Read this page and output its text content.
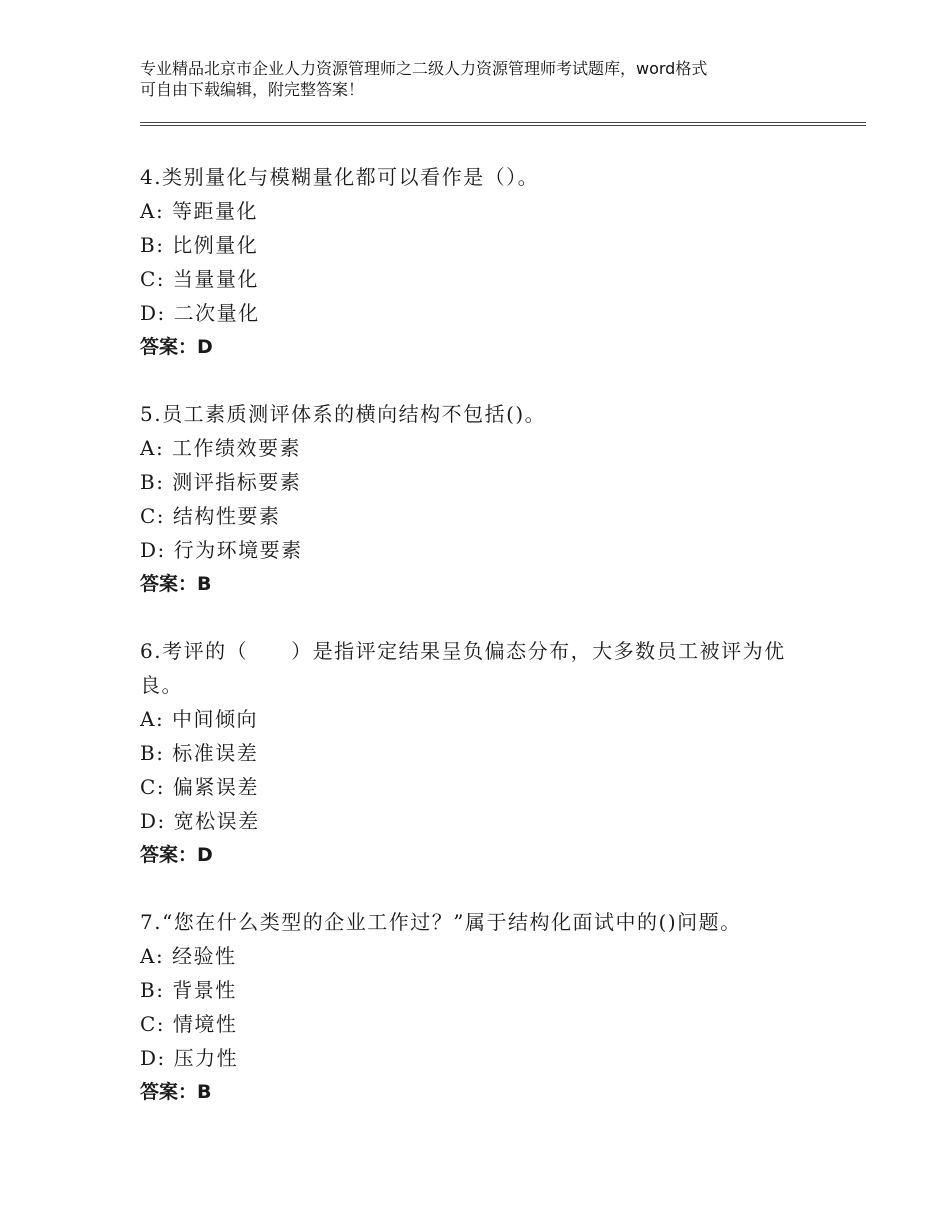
专业精品北京市企业人力资源管理师之二级人力资源管理师考试题库，word格式
可自由下载编辑，附完整答案！
4.类别量化与模糊量化都可以看作是（）。
A: 等距量化
B: 比例量化
C: 当量量化
D: 二次量化
答案：D
5.员工素质测评体系的横向结构不包括()。
A: 工作绩效要素
B: 测评指标要素
C: 结构性要素
D: 行为环境要素
答案：B
6.考评的（　　）是指评定结果呈负偏态分布，大多数员工被评为优
良。
A: 中间倾向
B: 标准误差
C: 偏紧误差
D: 宽松误差
答案：D
7.“您在什么类型的企业工作过？”属于结构化面试中的()问题。
A: 经验性
B: 背景性
C: 情境性
D: 压力性
答案：B
